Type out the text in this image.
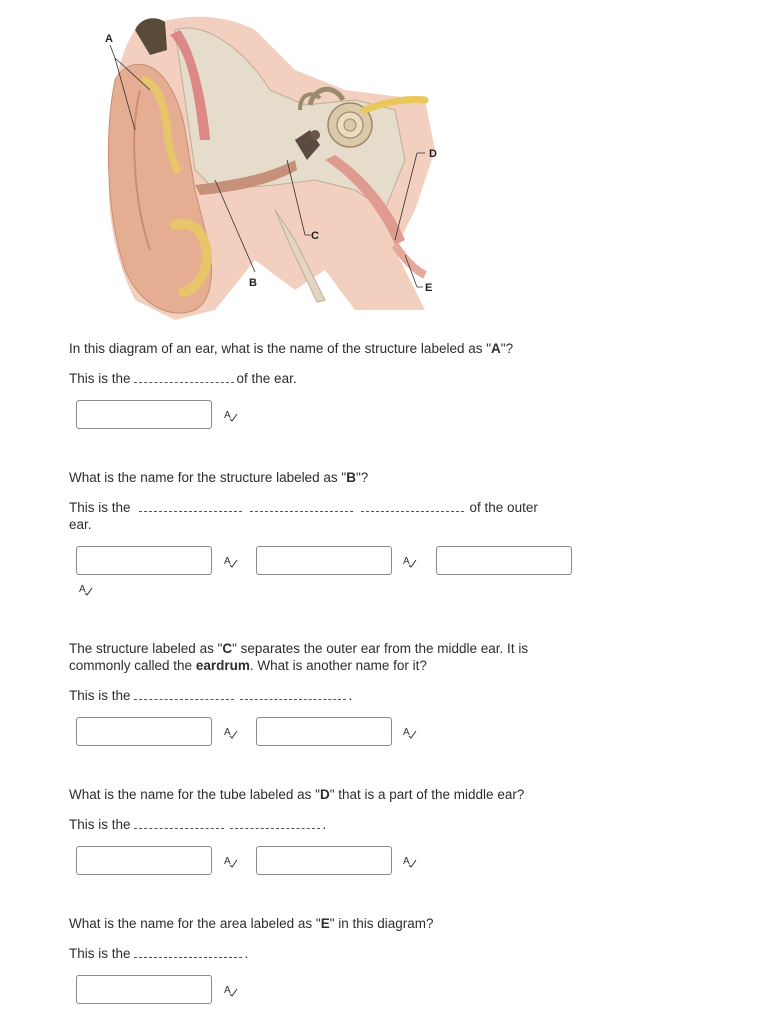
A
B
C
D
E
In this diagram of an ear, what is the name of the structure labeled as "A"?
This is the	of the ear.
A
What is the name for the structure labeled as "B"?
This is the	of the outer
ear.
A	A
A
The structure labeled as "C" separates the outer ear from the middle ear. It is
commonly called the eardrum. What is another name for it?
This is the	.
A	A
What is the name for the tube labeled as "D" that is a part of the middle ear?
This is the	.
A	A
What is the name for the area labeled as "E" in this diagram?
This is the	.
A
